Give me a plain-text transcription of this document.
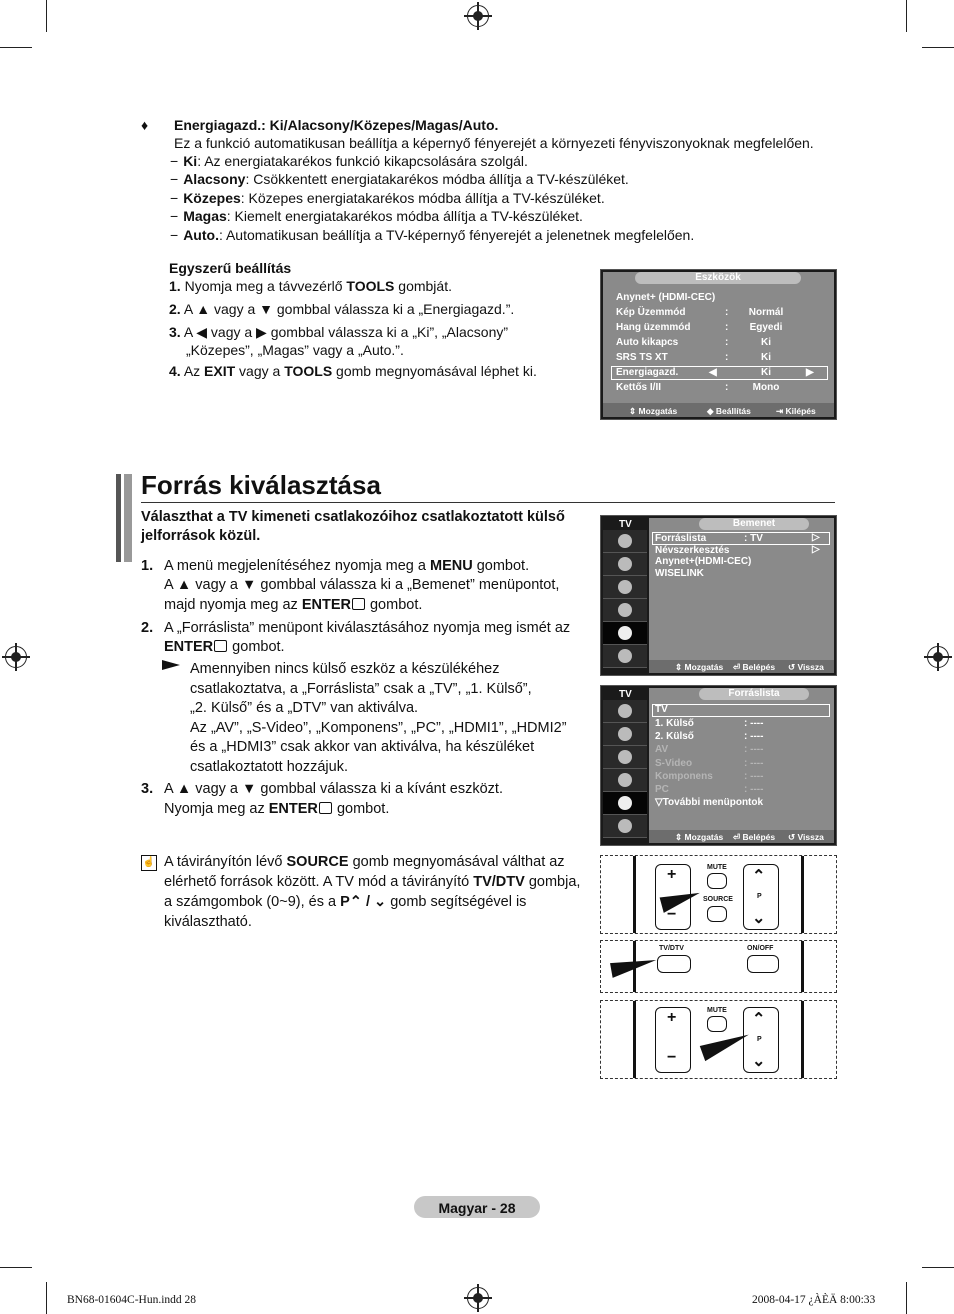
♦ Energiagazd.: Ki/Alacsony/Közepes/Magas/Auto.
Ez a funkció automatikusan beállítja a képernyő fényerejét a környezeti fényviszonyoknak megfelelően.
− Ki: Az energiatakarékos funkció kikapcsolására szolgál.
− Alacsony: Csökkentett energiatakarékos módba állítja a TV-készüléket.
− Közepes: Közepes energiatakarékos módba állítja a TV-készüléket.
− Magas: Kiemelt energiatakarékos módba állítja a TV-készüléket.
− Auto.: Automatikusan beállítja a TV-képernyő fényerejét a jelenetnek megfelelően.
Egyszerű beállítás
1. Nyomja meg a távvezérlő TOOLS gombját.
2. A ▲ vagy a ▼ gombbal válassza ki a „Energiagazd.”.
3. A ◀ vagy a ▶ gombbal válassza ki a „Ki”, „Alacsony”
„Közepes”, „Magas” vagy a „Auto.”.
4. Az EXIT vagy a TOOLS gomb megnyomásával léphet ki.
Eszközök
Anynet+ (HDMI-CEC)
Kép Üzemmód	: Normál
Hang üzemmód	:	Egyedi
Auto kikapcs	:	Ki
SRS TS XT	:	Ki
Energiagazd.	◀	Ki	▶
Kettős I/II	:	Mono
⇕ Mozgatás	◆ Beállítás	⇥ Kilépés
Forrás kiválasztása
Választhat a TV kimeneti csatlakozóihoz csatlakoztatott külső
jelforrások közül.
1. A menü megjelenítéséhez nyomja meg a MENU gombot.
A ▲ vagy a ▼ gombbal válassza ki a „Bemenet” menüpontot,
majd nyomja meg az ENTER gombot.
2. A „Forráslista” menüpont kiválasztásához nyomja meg ismét az
ENTER gombot.
Amennyiben nincs külső eszköz a készülékéhez
csatlakoztatva, a „Forráslista” csak a „TV”, „1. Külső”,
„2. Külső” és a „DTV” van aktiválva.
Az „AV”, „S-Video”, „Komponens”, „PC”, „HDMI1”, „HDMI2”
és a „HDMI3” csak akkor van aktiválva, ha készüléket
csatlakoztatott hozzájuk.
3. A ▲ vagy a ▼ gombbal válassza ki a kívánt eszközt.
Nyomja meg az ENTER gombot.
☝ A távirányítón lévő SOURCE gomb megnyomásával válthat az
elérhető források között. A TV mód a távirányító TV/DTV gombja,
a számgombok (0~9), és a P⌃ / ⌄ gomb segítségével is
kiválasztható.
TV	Bemenet
Forráslista	: TV
Névszerkesztés
Anynet+(HDMI-CEC)
WISELINK
▷
▷
⇕ Mozgatás ⏎ Belépés ↺ Vissza
TV	Forráslista
TV
1. Külső	: ----
2. Külső	: ----
AV	: ----
S-Video	: ----
Komponens	: ----
PC	: ----
▽További menüpontok
⇕ Mozgatás ⏎ Belépés ↺ Vissza
+
−
MUTE
SOURCE	P
⌃
⌄
TV/DTV	ON/OFF
+
−
MUTE
P
⌃
⌄
Magyar - 28
BN68-01604C-Hun.indd 28	2008-04-17 ¿ÀÈÄ 8:00:33
